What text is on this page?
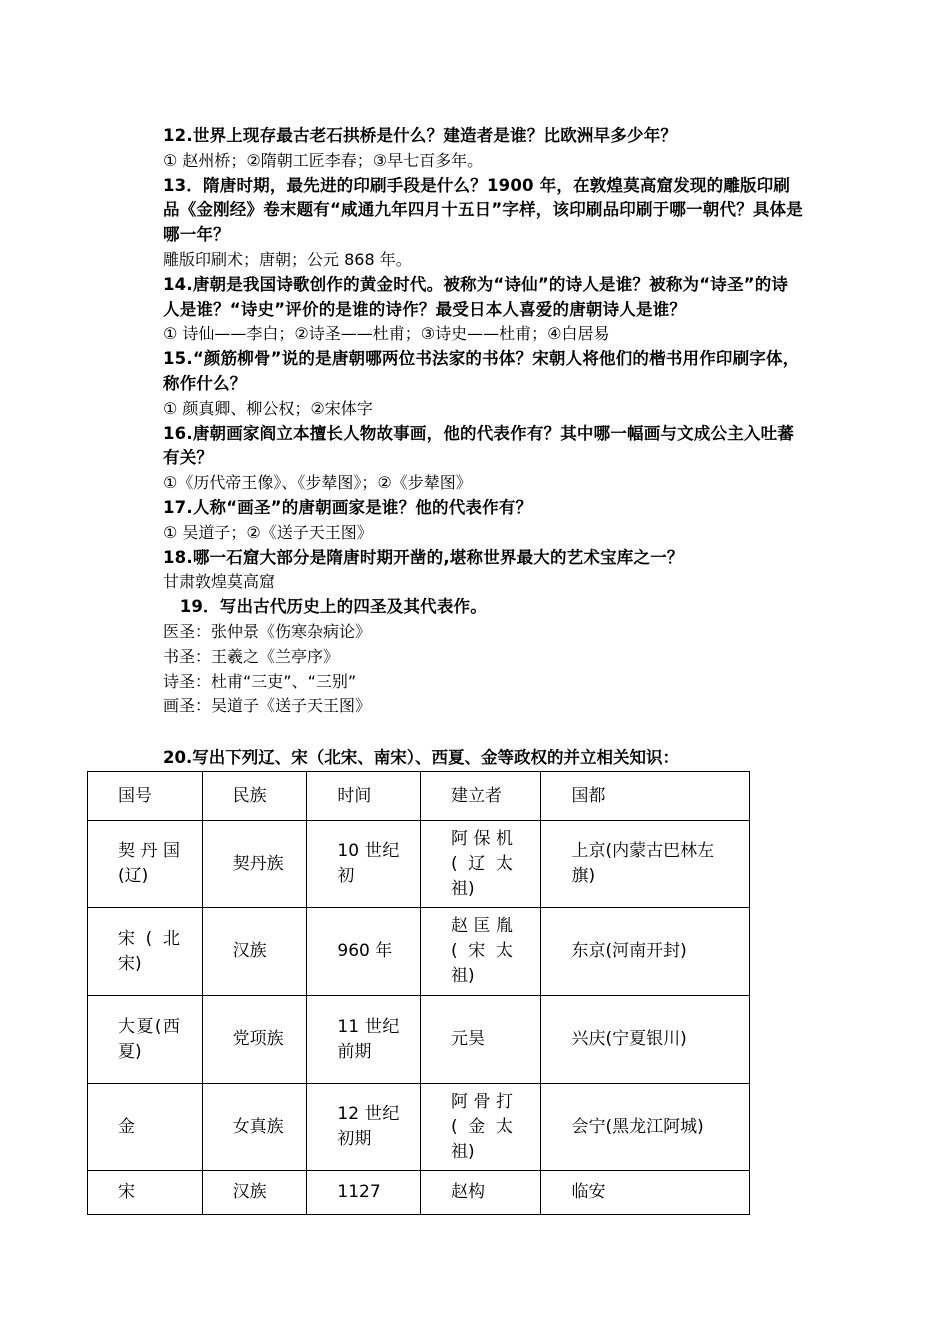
12.世界上现存最古老石拱桥是什么？建造者是谁？比欧洲早多少年？
① 赵州桥；②隋朝工匠李春；③早七百多年。
13．隋唐时期，最先进的印刷手段是什么？1900 年，在敦煌莫高窟发现的雕版印刷品《金刚经》卷末题有“咸通九年四月十五日”字样，该印刷品印刷于哪一朝代？具体是哪一年？
雕版印刷术；唐朝；公元 868 年。
14.唐朝是我国诗歌创作的黄金时代。被称为“诗仙”的诗人是谁？被称为“诗圣”的诗人是谁？“诗史”评价的是谁的诗作？最受日本人喜爱的唐朝诗人是谁？
① 诗仙——李白；②诗圣——杜甫；③诗史——杜甫；④白居易
15.“颜筋柳骨”说的是唐朝哪两位书法家的书体？宋朝人将他们的楷书用作印刷字体，称作什么？
① 颜真卿、柳公权；②宋体字
16.唐朝画家阎立本擅长人物故事画，他的代表作有？其中哪一幅画与文成公主入吐蕃有关？
①《历代帝王像》、《步辇图》；②《步辇图》
17.人称“画圣”的唐朝画家是谁？他的代表作有？
① 吴道子；②《送子天王图》
18.哪一石窟大部分是隋唐时期开凿的,堪称世界最大的艺术宝库之一？
甘肃敦煌莫高窟
　19．写出古代历史上的四圣及其代表作。
医圣：张仲景《伤寒杂病论》
书圣：王羲之《兰亭序》
诗圣：杜甫“三吏”、“三别”
画圣：吴道子《送子天王图》
20.写出下列辽、宋（北宋、南宋）、西夏、金等政权的并立相关知识：
国号	民族	时间	建立者	国都

契丹国(辽)	契丹族	10 世纪初	阿保机(辽太祖)	上京(内蒙古巴林左旗)

宋(北宋)	汉族	960 年	赵匡胤(宋太祖)	东京(河南开封)

大夏(西夏)	党项族	11 世纪前期	元昊	兴庆(宁夏银川)

金	女真族	12 世纪初期	阿骨打(金太祖)	会宁(黑龙江阿城)

宋	汉族	1127	赵构	临安
